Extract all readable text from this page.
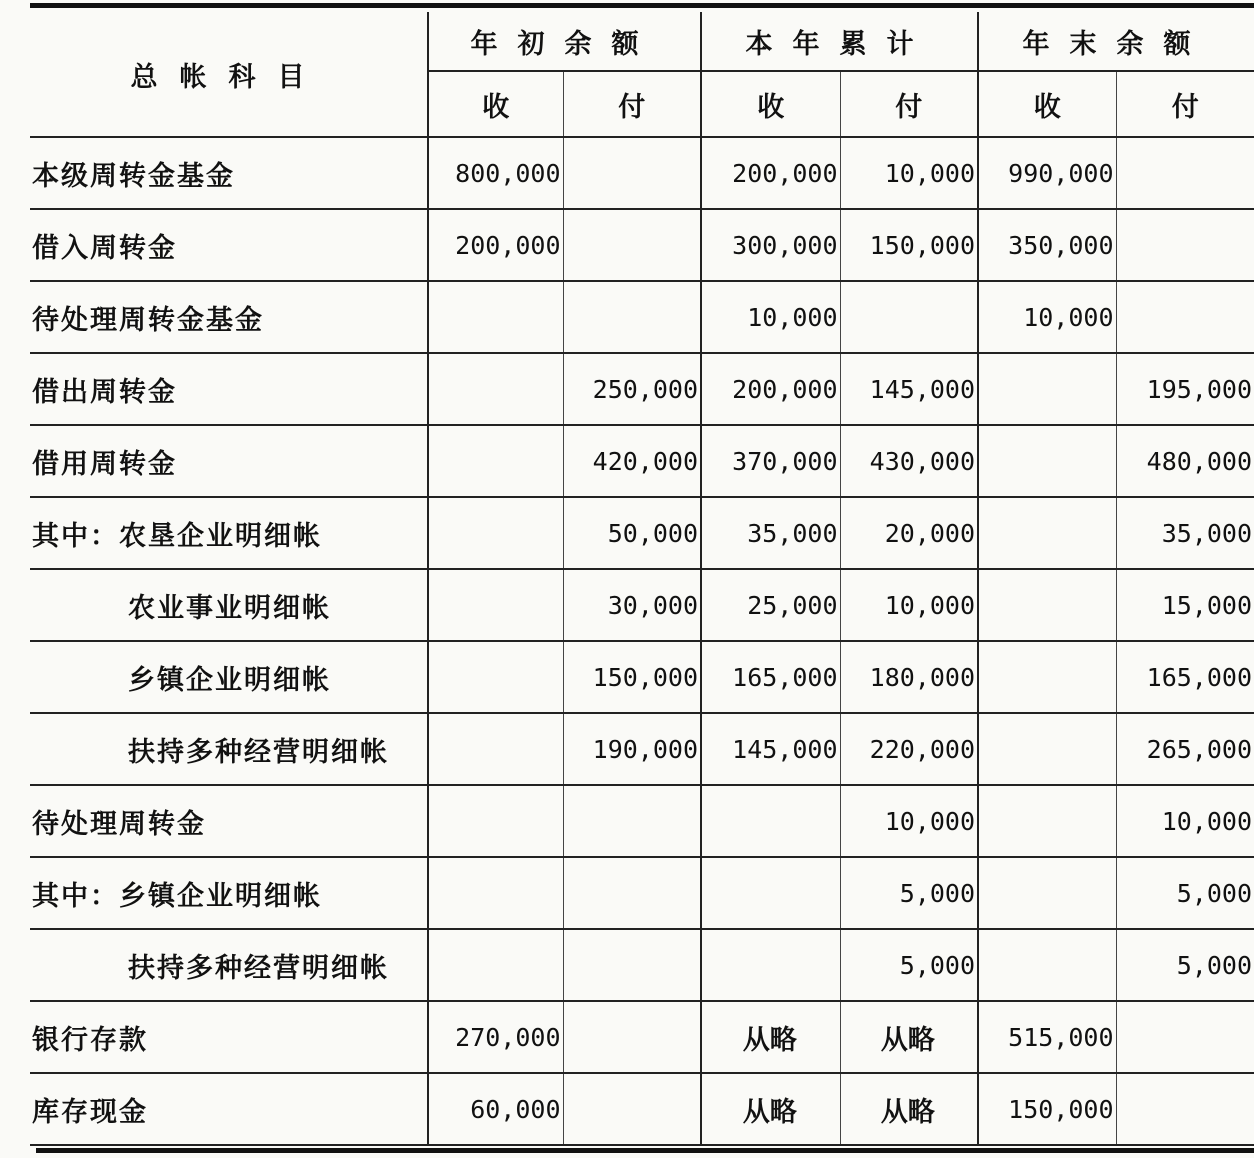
总帐科目	年初余额		本年累计		年末余额	
	收	付	收	付	收	付
本级周转金基金	800,000		200,000	10,000	990,000	
借入周转金	200,000		300,000	150,000	350,000	
待处理周转金基金			10,000		10,000	
借出周转金		250,000	200,000	145,000		195,000
借用周转金		420,000	370,000	430,000		480,000
其中：农垦企业明细帐		50,000	35,000	20,000		35,000
农业事业明细帐		30,000	25,000	10,000		15,000
乡镇企业明细帐		150,000	165,000	180,000		165,000
扶持多种经营明细帐		190,000	145,000	220,000		265,000
待处理周转金				10,000		10,000
其中：乡镇企业明细帐				5,000		5,000
扶持多种经营明细帐				5,000		5,000
银行存款	270,000		从略	从略	515,000	
库存现金	60,000		从略	从略	150,000	
